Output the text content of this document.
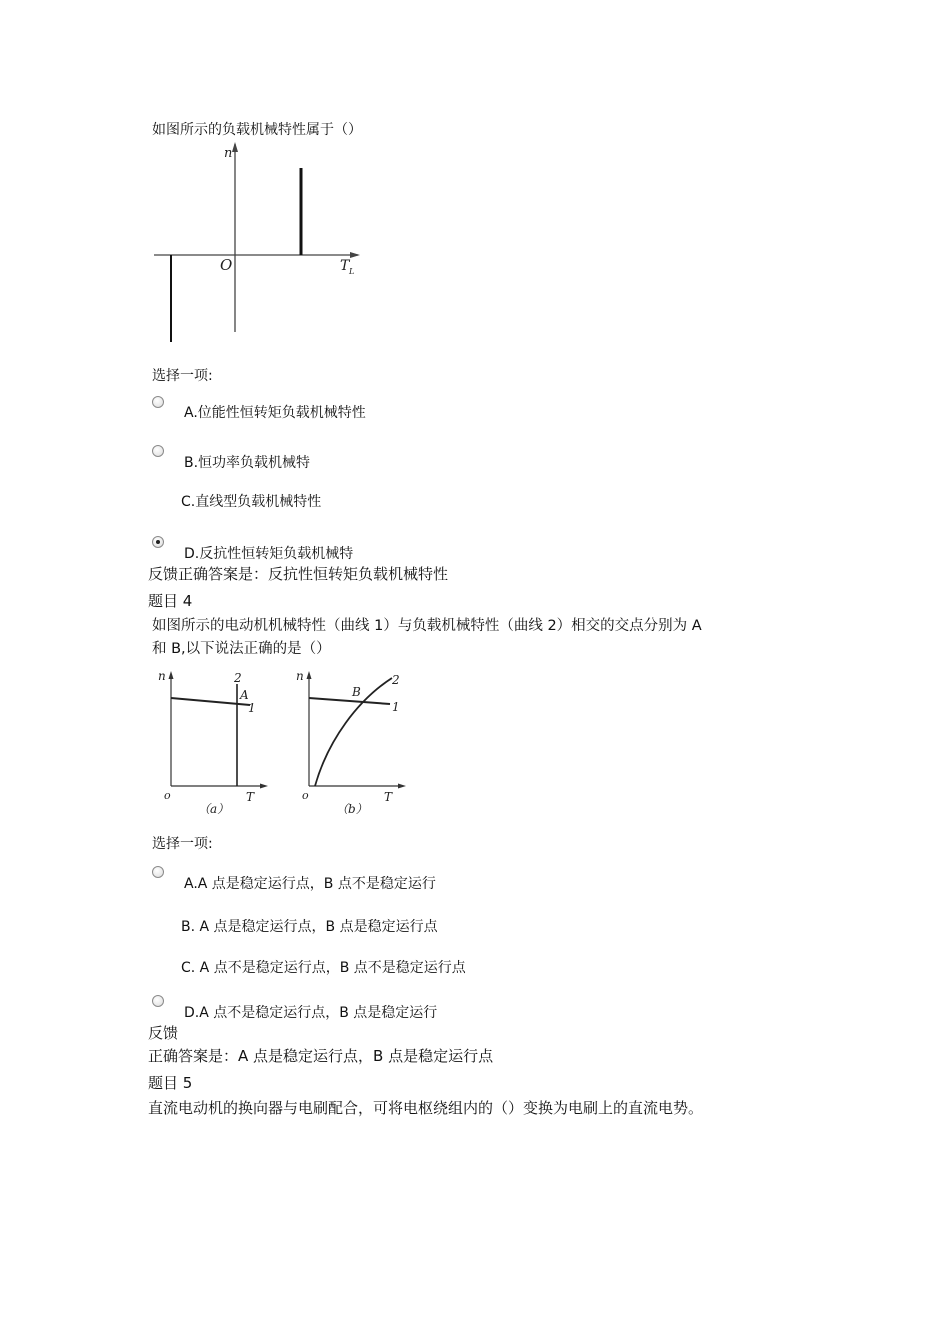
如图所示的负载机械特性属于（）
n
O	T L
选择一项:
A.位能性恒转矩负载机械特性
B.恒功率负载机械特
C.直线型负载机械特性
D.反抗性恒转矩负载机械特
反馈正确答案是：反抗性恒转矩负载机械特性
题目 4
如图所示的电动机机械特性（曲线 1）与负载机械特性（曲线 2）相交的交点分别为 A
和 B,以下说法正确的是（）
n	2
A
1
o	T
（a）
n
B
2
1
o	T
（b）
选择一项:
A.A 点是稳定运行点，B 点不是稳定运行
B. A 点是稳定运行点，B 点是稳定运行点
C. A 点不是稳定运行点，B 点不是稳定运行点
D.A 点不是稳定运行点，B 点是稳定运行
反馈
正确答案是：A 点是稳定运行点，B 点是稳定运行点
题目 5
直流电动机的换向器与电刷配合，可将电枢绕组内的（）变换为电刷上的直流电势。
